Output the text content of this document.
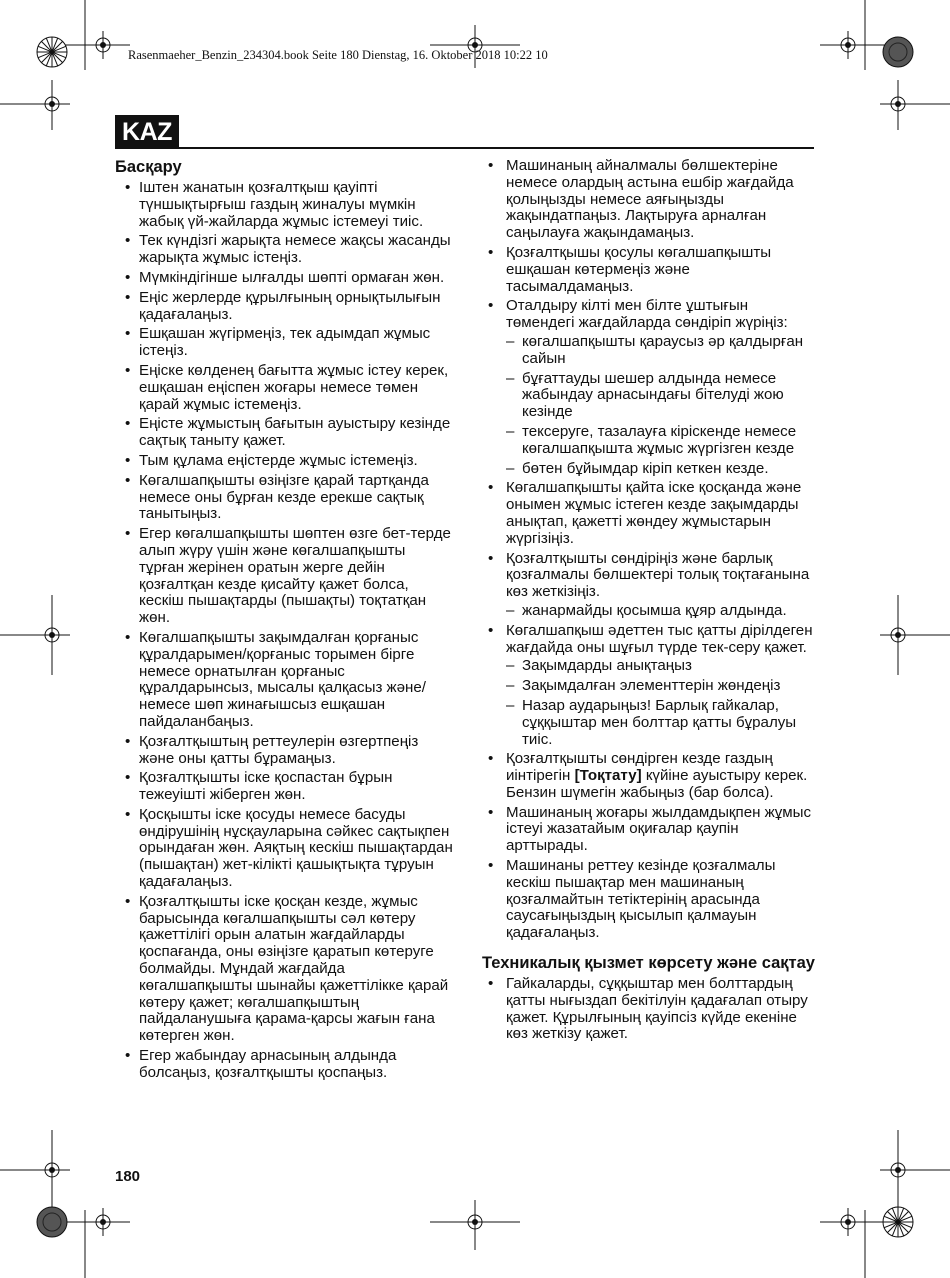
Rasenmaeher_Benzin_234304.book Seite 180 Dienstag, 16. Oktober 2018 10:22 10
KAZ
Басқару
• Іштен жанатын қозғалтқыш қауіпті түншықтырғыш газдың жиналуы мүмкін жабық үй-жайларда жұмыс істемеуі тиіс.
• Тек күндізгі жарықта немесе жақсы жасанды жарықта жұмыс істеңіз.
• Мүмкіндігінше ылғалды шөпті ормаған жөн.
• Еңіс жерлерде құрылғының орнықтылығын қадағалаңыз.
• Ешқашан жүгірмеңіз, тек адымдап жұмыс істеңіз.
• Еңіске көлденең бағытта жұмыс істеу керек, ешқашан еңіспен жоғары немесе төмен қарай жұмыс істемеңіз.
• Еңісте жұмыстың бағытын ауыстыру кезінде сақтық таныту қажет.
• Тым құлама еңістерде жұмыс істемеңіз.
• Көгалшапқышты өзіңізге қарай тартқанда немесе оны бұрған кезде ерекше сақтық танытыңыз.
• Егер көгалшапқышты шөптен өзге бет-терде алып жүру үшін және көгалшапқышты тұрған жерінен оратын жерге дейін қозғалтқан кезде қисайту қажет болса, кескіш пышақтарды (пышақты) тоқтатқан жөн.
• Көгалшапқышты зақымдалған қорғаныс құралдарымен/қорғаныс торымен бірге немесе орнатылған қорғаныс құралдарынсыз, мысалы қалқасыз және/немесе шөп жинағышсыз ешқашан пайдаланбаңыз.
• Қозғалтқыштың реттеулерін өзгертпеңіз және оны қатты бұрамаңыз.
• Қозғалтқышты іске қоспастан бұрын тежеуішті жіберген жөн.
• Қосқышты іске қосуды немесе басуды өндірушінің нұсқауларына сәйкес сақтықпен орындаған жөн. Аяқтың кескіш пышақтардан (пышақтан) жет-кілікті қашықтықта тұруын қадағалаңыз.
• Қозғалтқышты іске қосқан кезде, жұмыс барысында көгалшапқышты сәл көтеру қажеттілігі орын алатын жағдайларды қоспағанда, оны өзіңізге қаратып көтеруге болмайды. Мұндай жағдайда көгалшапқышты шынайы қажеттілікке қарай көтеру қажет; көгалшапқыштың пайдаланушыға қарама-қарсы жағын ғана көтерген жөн.
• Егер жабындау арнасының алдында болсаңыз, қозғалтқышты қоспаңыз.
• Машинаның айналмалы бөлшектеріне немесе олардың астына ешбір жағдайда қолыңызды немесе аяғыңызды жақындатпаңыз. Лақтыруға арналған саңылауға жақындамаңыз.
• Қозғалтқышы қосулы көгалшапқышты ешқашан көтермеңіз және тасымалдамаңыз.
• Оталдыру кілті мен білте ұштығын төмендегі жағдайларда сөндіріп жүріңіз:
– көгалшапқышты қараусыз әр қалдырған сайын
– бұғаттауды шешер алдында немесе жабындау арнасындағы бітелуді жою кезінде
– тексеруге, тазалауға кіріскенде немесе көгалшапқышта жұмыс жүргізген кезде
– бөтен бұйымдар кіріп кеткен кезде.
• Көгалшапқышты қайта іске қосқанда және онымен жұмыс істеген кезде зақымдарды анықтап, қажетті жөндеу жұмыстарын жүргізіңіз.
• Қозғалтқышты сөндіріңіз және барлық қозғалмалы бөлшектері толық тоқтағанына көз жеткізіңіз.
– жанармайды қосымша құяр алдында.
• Көгалшапқыш әдеттен тыс қатты дірілдеген жағдайда оны шұғыл түрде тек-серу қажет.
– Зақымдарды анықтаңыз
– Зақымдалған элементтерін жөндеңіз
– Назар аударыңыз! Барлық гайкалар, сұққыштар мен болттар қатты бұралуы тиіс.
• Қозғалтқышты сөндірген кезде газдың иінтірегін [Тоқтату] күйіне ауыстыру керек. Бензин шүмегін жабыңыз (бар болса).
• Машинаның жоғары жылдамдықпен жұмыс істеуі жазатайым оқиғалар қаупін арттырады.
• Машинаны реттеу кезінде қозғалмалы кескіш пышақтар мен машинаның қозғалмайтын тетіктерінің арасында саусағыңыздың қысылып қалмауын қадағалаңыз.
Техникалық қызмет көрсету және сақтау
• Гайкаларды, сұққыштар мен болттардың қатты нығыздап бекітілуін қадағалап отыру қажет. Құрылғының қауіпсіз күйде екеніне көз жеткізу қажет.
180
